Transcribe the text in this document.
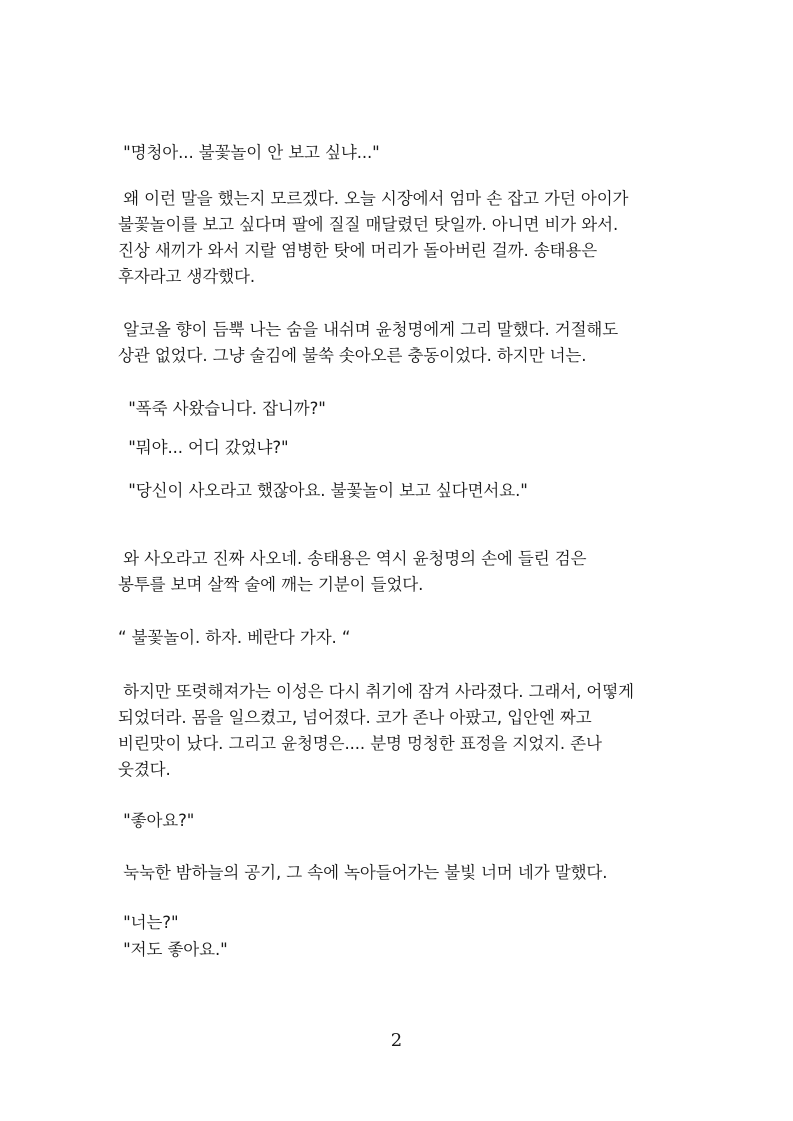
"명청아... 불꽃놀이 안 보고 싶냐..."
왜 이런 말을 했는지 모르겠다. 오늘 시장에서 엄마 손 잡고 가던 아이가
불꽃놀이를 보고 싶다며 팔에 질질 매달렸던 탓일까. 아니면 비가 와서.
진상 새끼가 와서 지랄 염병한 탓에 머리가 돌아버린 걸까. 송태용은
후자라고 생각했다.
알코올 향이 듬뿍 나는 숨을 내쉬며 윤청명에게 그리 말했다. 거절해도
상관 없었다. 그냥 술김에 불쑥 솟아오른 충동이었다. 하지만 너는.
"폭죽 사왔습니다. 잡니까?"
"뭐야... 어디 갔었냐?"
"당신이 사오라고 했잖아요. 불꽃놀이 보고 싶다면서요."
와 사오라고 진짜 사오네. 송태용은 역시 윤청명의 손에 들린 검은
봉투를 보며 살짝 술에 깨는 기분이 들었다.
“ 불꽃놀이. 하자. 베란다 가자. “
하지만 또렷해져가는 이성은 다시 취기에 잠겨 사라졌다. 그래서, 어떻게
되었더라. 몸을 일으켰고, 넘어졌다. 코가 존나 아팠고, 입안엔 짜고
비린맛이 났다. 그리고 윤청명은.... 분명 멍청한 표정을 지었지. 존나
웃겼다.
"좋아요?"
눅눅한 밤하늘의 공기, 그 속에 녹아들어가는 불빛 너머 네가 말했다.
"너는?"
"저도 좋아요."
2
